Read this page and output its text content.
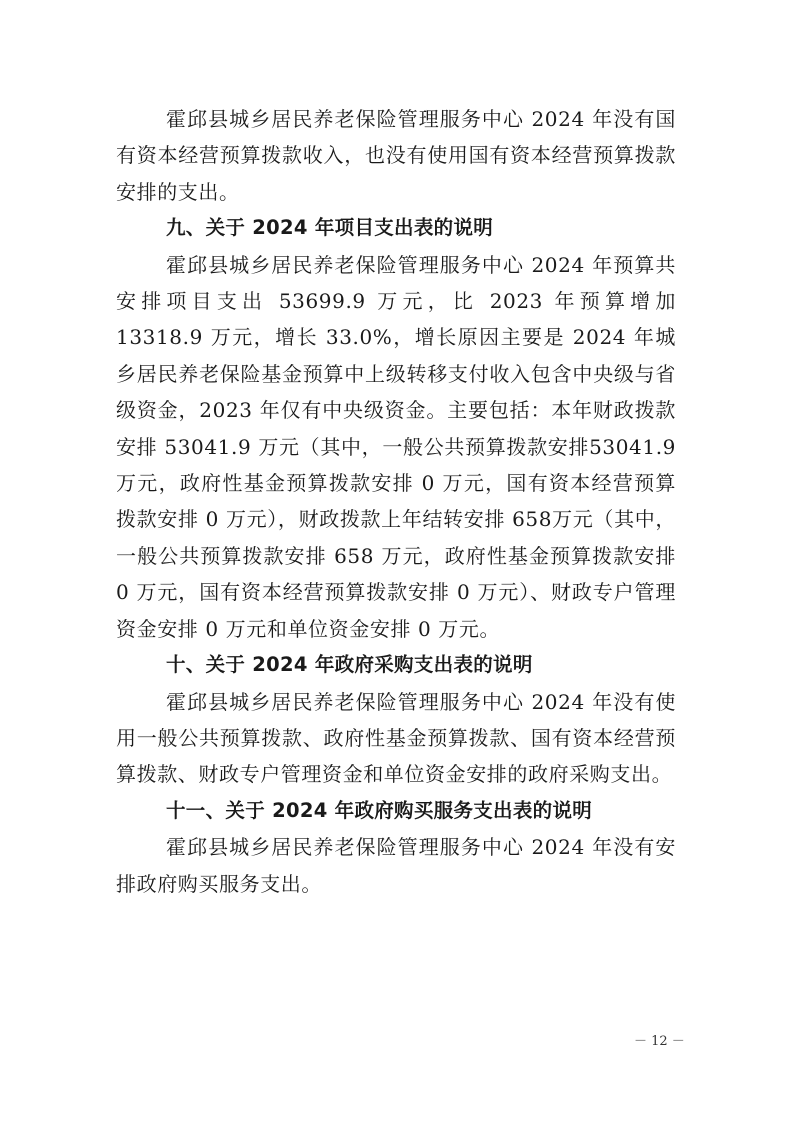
霍邱县城乡居民养老保险管理服务中心 2024 年没有国有资本经营预算拨款收入，也没有使用国有资本经营预算拨款安排的支出。

九、关于 2024 年项目支出表的说明

霍邱县城乡居民养老保险管理服务中心 2024 年预算共安排项目支出 53699.9 万元，比 2023 年预算增加13318.9 万元，增长 33.0%，增长原因主要是 2024 年城乡居民养老保险基金预算中上级转移支付收入包含中央级与省级资金，2023 年仅有中央级资金。主要包括：本年财政拨款安排 53041.9 万元（其中，一般公共预算拨款安排53041.9 万元，政府性基金预算拨款安排 0 万元，国有资本经营预算拨款安排 0 万元），财政拨款上年结转安排 658万元（其中，一般公共预算拨款安排 658 万元，政府性基金预算拨款安排 0 万元，国有资本经营预算拨款安排 0 万元）、财政专户管理资金安排 0 万元和单位资金安排 0 万元。

十、关于 2024 年政府采购支出表的说明

霍邱县城乡居民养老保险管理服务中心 2024 年没有使用一般公共预算拨款、政府性基金预算拨款、国有资本经营预算拨款、财政专户管理资金和单位资金安排的政府采购支出。

十一、关于 2024 年政府购买服务支出表的说明

霍邱县城乡居民养老保险管理服务中心 2024 年没有安排政府购买服务支出。

－ 12 －
